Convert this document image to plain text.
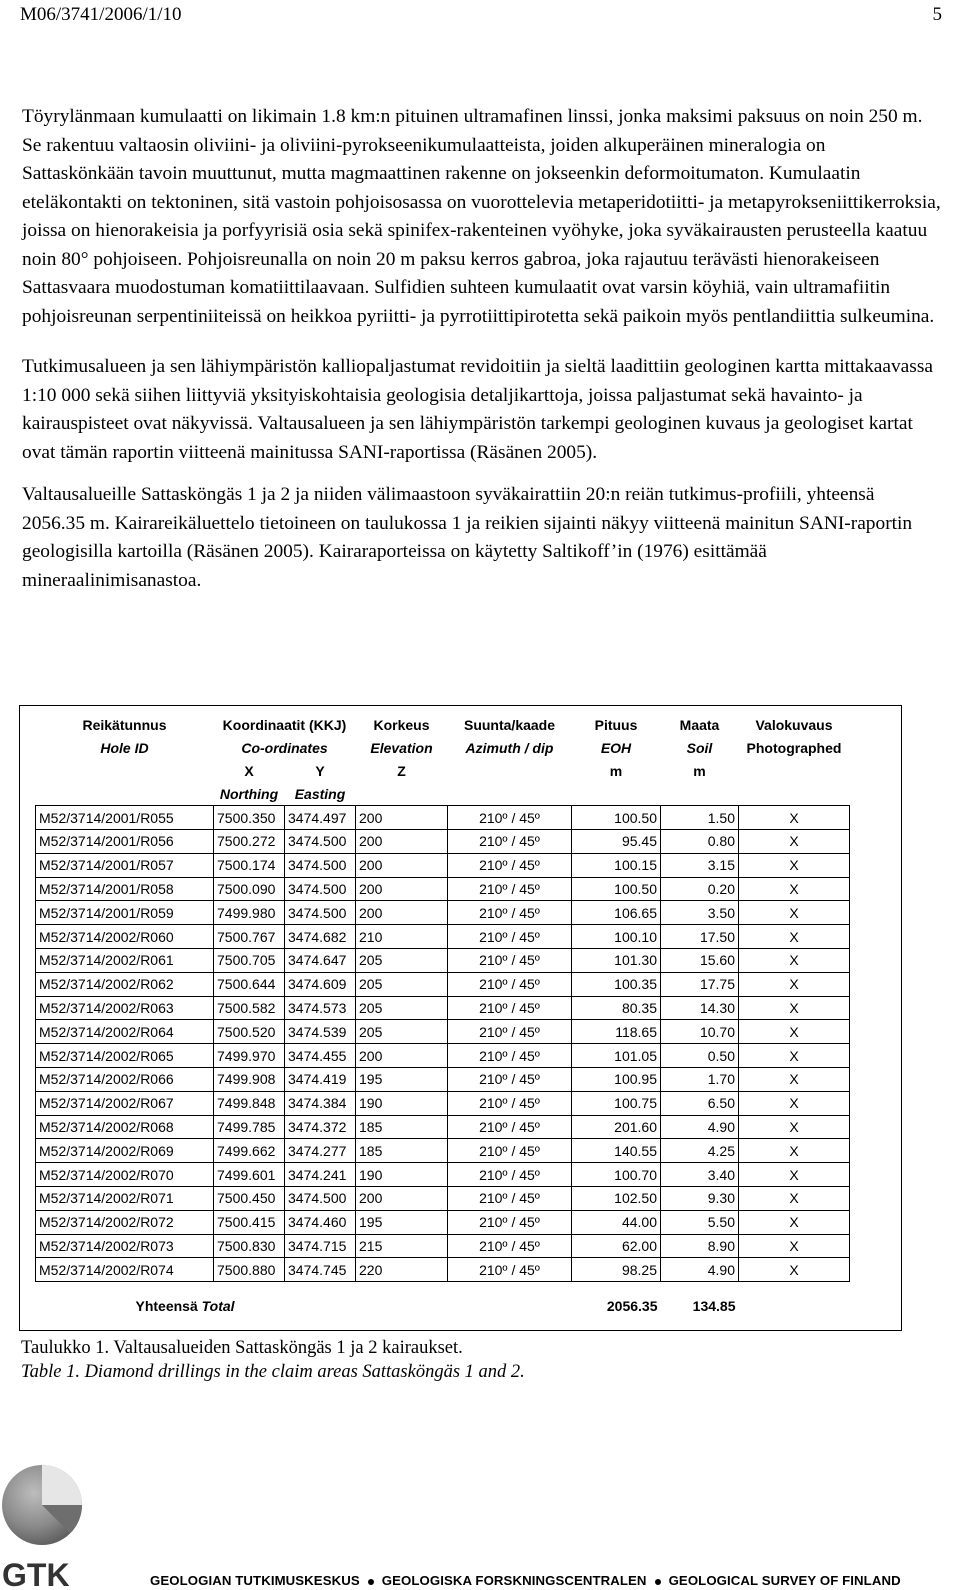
M06/3741/2006/1/10	5

Töyrylänmaan kumulaatti on likimain 1.8 km:n pituinen ultramafinen linssi, jonka maksimi paksuus on noin 250 m. Se rakentuu valtaosin oliviini- ja oliviini-pyrokseenikumulaatteista, joiden alkuperäinen mineralogia on Sattaskönkään tavoin muuttunut, mutta magmaattinen rakenne on jokseenkin deformoitumaton. Kumulaatin eteläkontakti on tektoninen, sitä vastoin pohjoisosassa on vuorottelevia metaperidotiitti- ja metapyrokseniittikerroksia, joissa on hienorakeisia ja porfyyrisiä osia sekä spinifex-rakenteinen vyöhyke, joka syväkairausten perusteella kaatuu noin 80° pohjoiseen. Pohjoisreunalla on noin 20 m paksu kerros gabroa, joka rajautuu terävästi hienorakeiseen Sattasvaara muodostuman komatiittilaavaan. Sulfidien suhteen kumulaatit ovat varsin köyhiä, vain ultramafiitin pohjoisreunan serpentiniiteissä on heikkoa pyriitti- ja pyrrotiittipirotetta sekä paikoin myös pentlandiittia sulkeumina.

Tutkimusalueen ja sen lähiympäristön kalliopaljastumat revidoitiin ja sieltä laadittiin geologinen kartta mittakaavassa 1:10 000 sekä siihen liittyviä yksityiskohtaisia geologisia detaljikarttoja, joissa paljastumat sekä havainto- ja kairauspisteet ovat näkyvissä. Valtausalueen ja sen lähiympäristön tarkempi geologinen kuvaus ja geologiset kartat ovat tämän raportin viitteenä mainitussa SANI-raportissa (Räsänen 2005).

Valtausalueille Sattasköngäs 1 ja 2 ja niiden välimaastoon syväkairattiin 20:n reiän tutkimus-profiili, yhteensä 2056.35 m. Kairareikäluettelo tietoineen on taulukossa 1 ja reikien sijainti näkyy viitteenä mainitun SANI-raportin geologisilla kartoilla (Räsänen 2005). Kairaraporteissa on käytetty Saltikoff’in (1976) esittämää mineraalinimisanastoa.

Reikätunnus	Koordinaatit (KKJ)		Korkeus	Suunta/kaade	Pituus	Maata	Valokuvaus
Hole ID	Co-ordinates		Elevation	Azimuth / dip	EOH	Soil	Photographed
	X	Y	Z		m	m	
	Northing	Easting					
M52/3714/2001/R055	7500.350	3474.497	200	210º / 45º	100.50	1.50	X
M52/3714/2001/R056	7500.272	3474.500	200	210º / 45º	95.45	0.80	X
M52/3714/2001/R057	7500.174	3474.500	200	210º / 45º	100.15	3.15	X
M52/3714/2001/R058	7500.090	3474.500	200	210º / 45º	100.50	0.20	X
M52/3714/2001/R059	7499.980	3474.500	200	210º / 45º	106.65	3.50	X
M52/3714/2002/R060	7500.767	3474.682	210	210º / 45º	100.10	17.50	X
M52/3714/2002/R061	7500.705	3474.647	205	210º / 45º	101.30	15.60	X
M52/3714/2002/R062	7500.644	3474.609	205	210º / 45º	100.35	17.75	X
M52/3714/2002/R063	7500.582	3474.573	205	210º / 45º	80.35	14.30	X
M52/3714/2002/R064	7500.520	3474.539	205	210º / 45º	118.65	10.70	X
M52/3714/2002/R065	7499.970	3474.455	200	210º / 45º	101.05	0.50	X
M52/3714/2002/R066	7499.908	3474.419	195	210º / 45º	100.95	1.70	X
M52/3714/2002/R067	7499.848	3474.384	190	210º / 45º	100.75	6.50	X
M52/3714/2002/R068	7499.785	3474.372	185	210º / 45º	201.60	4.90	X
M52/3714/2002/R069	7499.662	3474.277	185	210º / 45º	140.55	4.25	X
M52/3714/2002/R070	7499.601	3474.241	190	210º / 45º	100.70	3.40	X
M52/3714/2002/R071	7500.450	3474.500	200	210º / 45º	102.50	9.30	X
M52/3714/2002/R072	7500.415	3474.460	195	210º / 45º	44.00	5.50	X
M52/3714/2002/R073	7500.830	3474.715	215	210º / 45º	62.00	8.90	X
M52/3714/2002/R074	7500.880	3474.745	220	210º / 45º	98.25	4.90	X
Yhteensä Total					2056.35	134.85	
Taulukko 1. Valtausalueiden Sattasköngäs 1 ja 2 kairaukset.
Table 1. Diamond drillings in the claim areas Sattasköngäs 1 and 2.
GTK	GEOLOGIAN TUTKIMUSKESKUS GEOLOGISKA FORSKNINGSCENTRALEN GEOLOGICAL SURVEY OF FINLAND
